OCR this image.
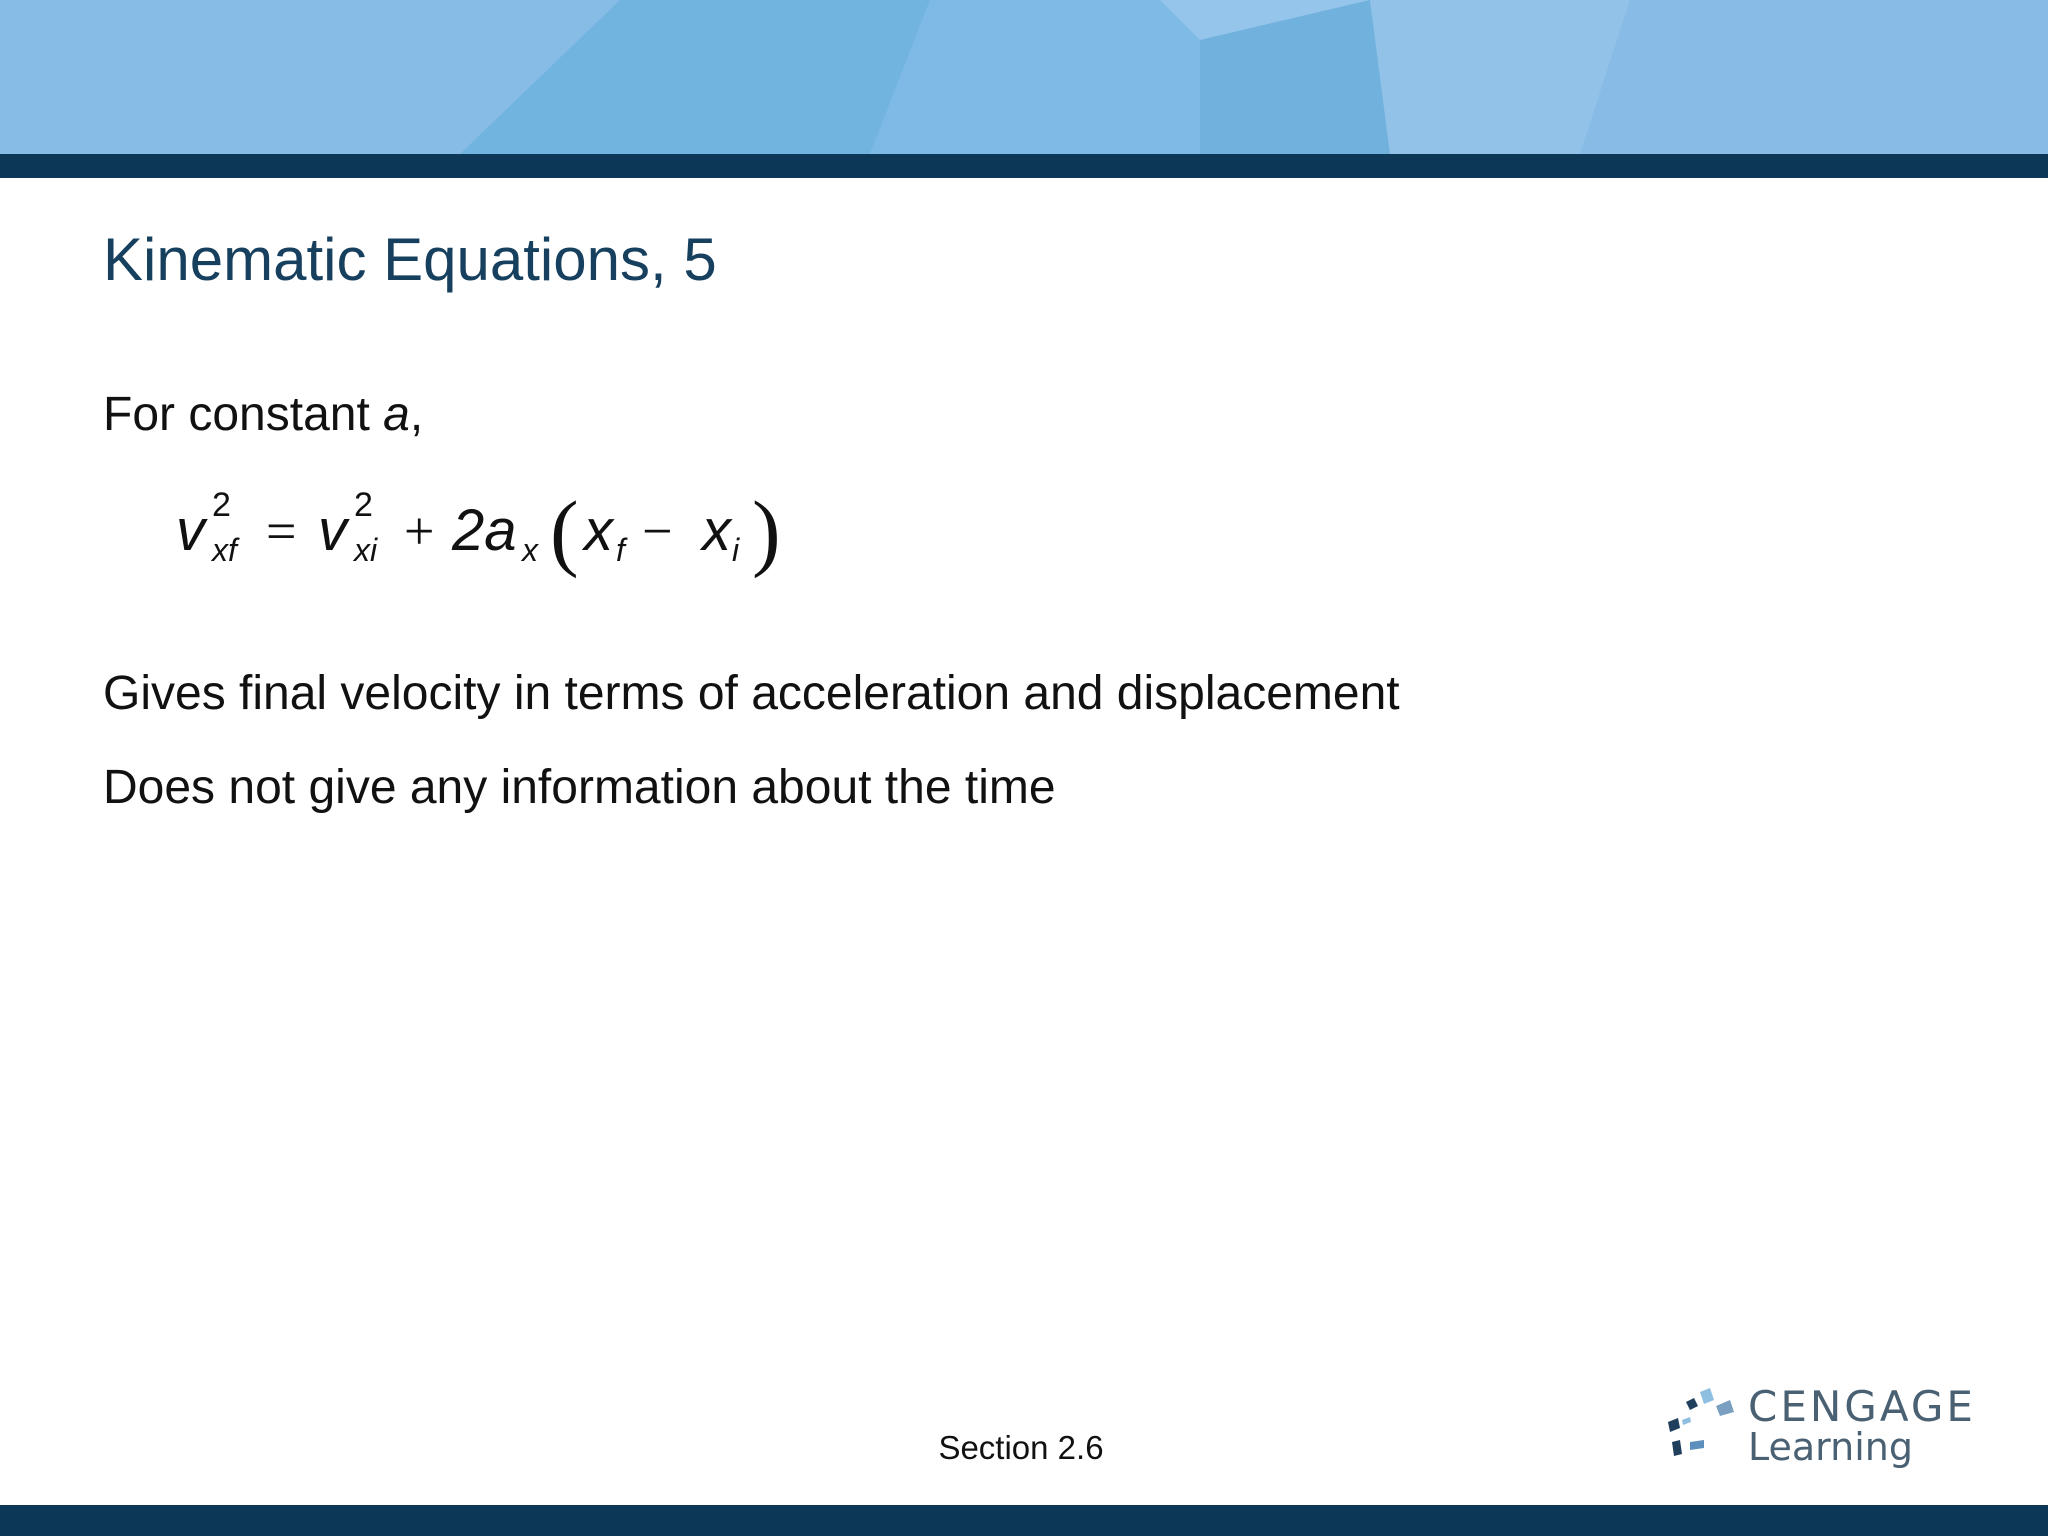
Kinematic Equations, 5

For constant a,

v 2
xf = v 2
xi + 2a x ( x f − x i )

Gives final velocity in terms of acceleration and displacement

Does not give any information about the time

Section 2.6

CENGAGE
Learning
